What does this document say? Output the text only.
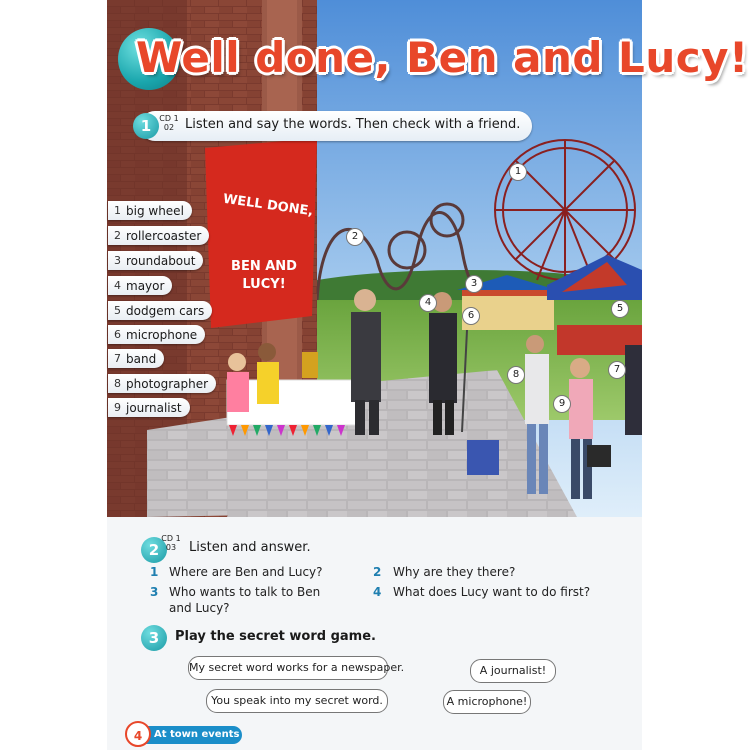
Well done, Ben and Lucy!
1	CD 1
02 Listen and say the words. Then check with a friend.
WELL DONE,
BEN AND LUCY!
1 big wheel
2 rollercoaster
3 roundabout
4 mayor
5 dodgem cars
6 microphone
7 band
8 photographer
9 journalist
1
2
3
4
5
6
7
8
9
2
CD 1
03 Listen and answer.
1 Where are Ben and Lucy?	2 Why are they there?
3 Who wants to talk to Ben and Lucy?
4 What does Lucy want to do first?
3	Play the secret word game.
My secret word works for a newspaper.	A journalist!
You speak into my secret word.	A microphone!
At town events
4
